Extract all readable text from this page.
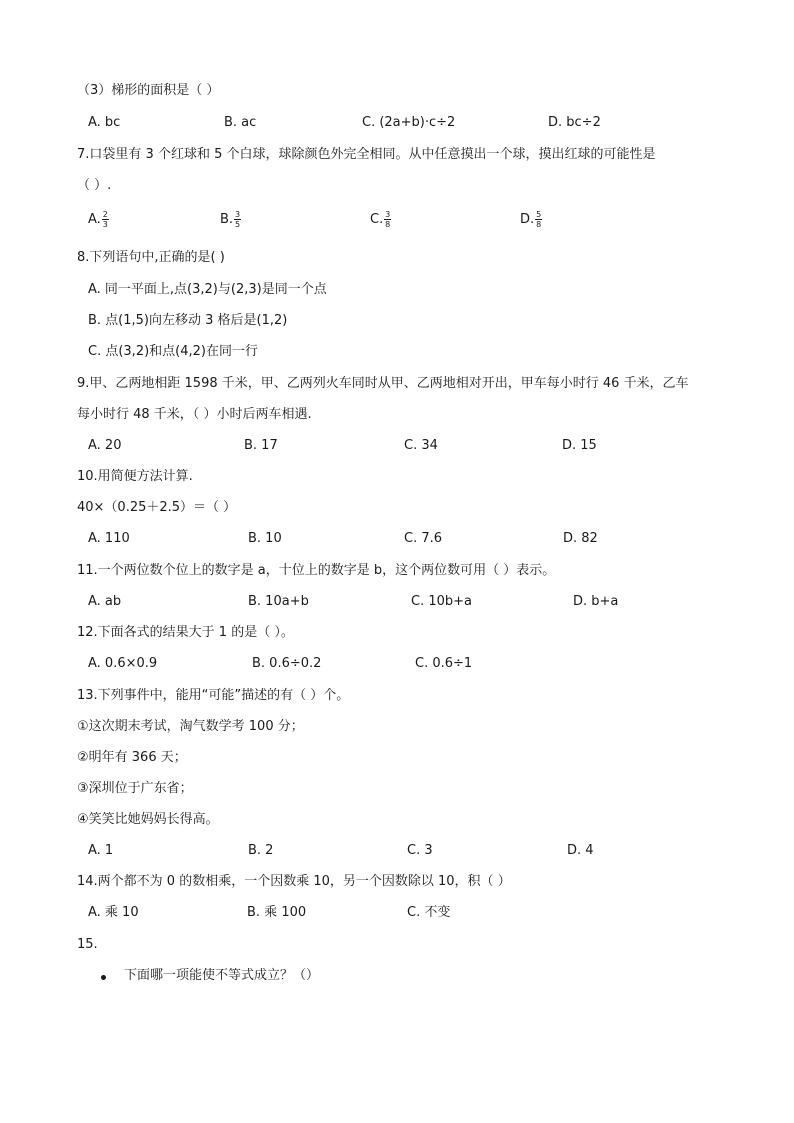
（3）梯形的面积是（ ）
A. bc	B. ac	C. (2a+b)·c÷2	D. bc÷2
7.口袋里有 3 个红球和 5 个白球，球除颜色外完全相同。从中任意摸出一个球，摸出红球的可能性是
（ ）.
A. $\frac{2}{3}$	B. $\frac{3}{5}$	C. $\frac{3}{8}$	D. $\frac{5}{8}$
8.下列语句中,正确的是( )
A. 同一平面上,点(3,2)与(2,3)是同一个点
B. 点(1,5)向左移动 3 格后是(1,2)
C. 点(3,2)和点(4,2)在同一行
9.甲、乙两地相距 1598 千米，甲、乙两列火车同时从甲、乙两地相对开出，甲车每小时行 46 千米，乙车
每小时行 48 千米，（ ）小时后两车相遇.
A. 20	B. 17	C. 34	D. 15
10.用简便方法计算.
40×（0.25＋2.5）＝（ ）
A. 110	B. 10	C. 7.6	D. 82
11.一个两位数个位上的数字是 a，十位上的数字是 b，这个两位数可用（ ）表示。
A. ab	B. 10a+b	C. 10b+a	D. b+a
12.下面各式的结果大于 1 的是（ ）。
A. 0.6×0.9	B. 0.6÷0.2	C. 0.6÷1
13.下列事件中，能用“可能”描述的有（ ）个。
①这次期末考试，淘气数学考 100 分；
②明年有 366 天；
③深圳位于广东省；
④笑笑比她妈妈长得高。
A. 1	B. 2	C. 3	D. 4
14.两个都不为 0 的数相乘，一个因数乘 10，另一个因数除以 10，积（ ）
A. 乘 10	B. 乘 100	C. 不变
15.
下面哪一项能使不等式成立？（）
